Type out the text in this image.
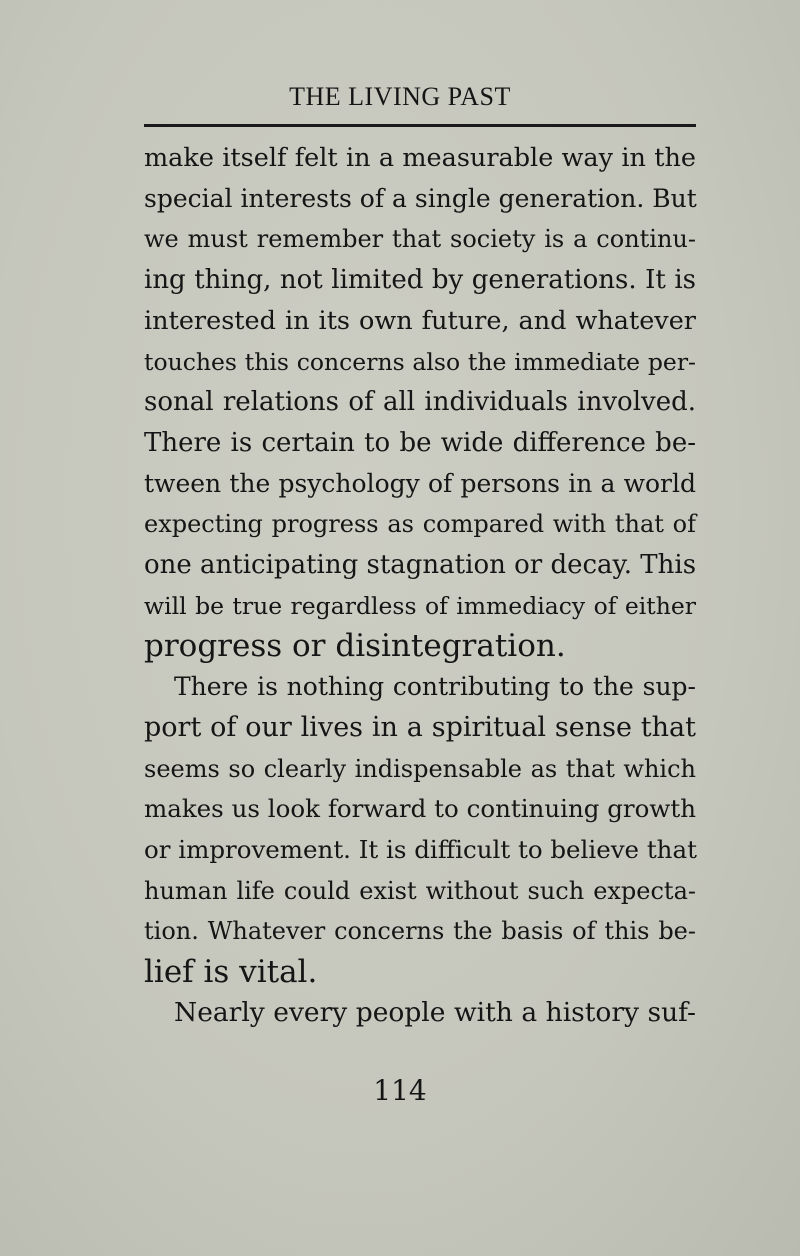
THE LIVING PAST
make itself felt in a measurable way in the
special interests of a single generation. But
we must remember that society is a continu-
ing thing, not limited by generations. It is
interested in its own future, and whatever
touches this concerns also the immediate per-
sonal relations of all individuals involved.
There is certain to be wide difference be-
tween the psychology of persons in a world
expecting progress as compared with that of
one anticipating stagnation or decay. This
will be true regardless of immediacy of either
progress or disintegration.
There is nothing contributing to the sup-
port of our lives in a spiritual sense that
seems so clearly indispensable as that which
makes us look forward to continuing growth
or improvement. It is difficult to believe that
human life could exist without such expecta-
tion. Whatever concerns the basis of this be-
lief is vital.
Nearly every people with a history suf-
114
